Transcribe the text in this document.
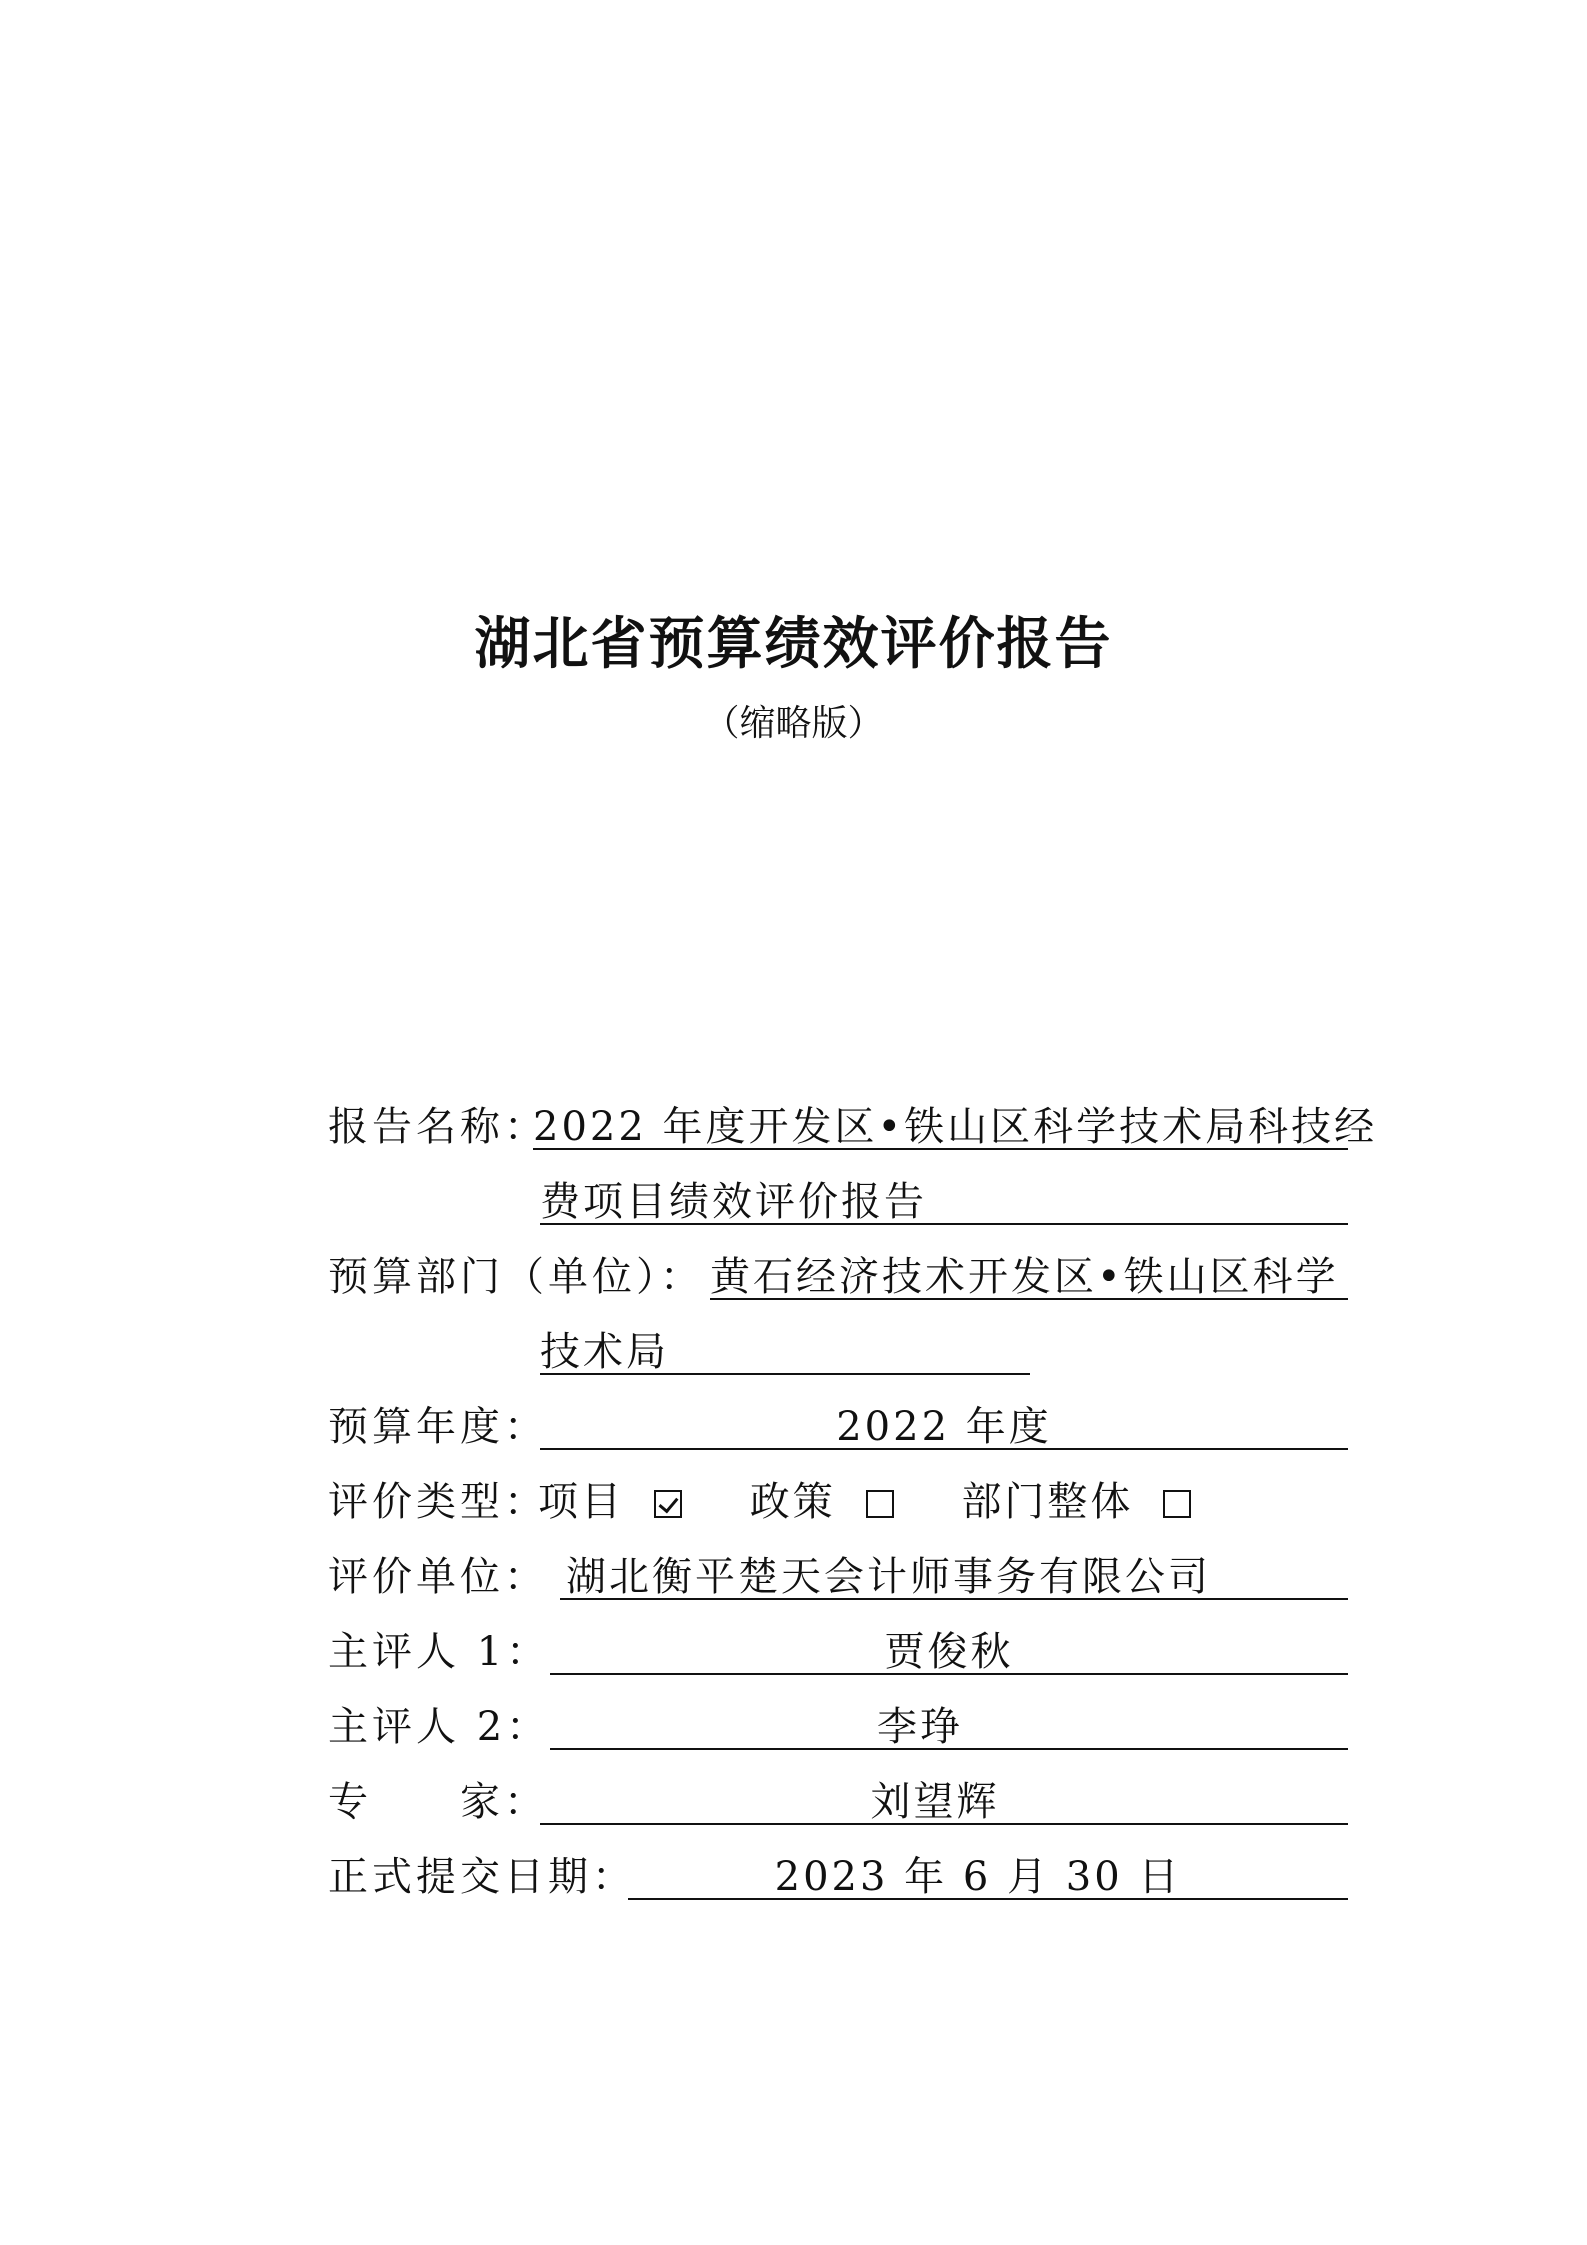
湖北省预算绩效评价报告
（缩略版）
报告名称：
2022 年度开发区•铁山区科学技术局科技经
费项目绩效评价报告
预算部门（单位）： 黄石经济技术开发区•铁山区科学
技术局
预算年度：	2022 年度
评价类型：
项目	政策	部门整体
评价单位： 湖北衡平楚天会计师事务有限公司
主评人 1：	贾俊秋
主评人 2：	李琤
专　　家：	刘望辉
正式提交日期：	2023 年 6 月 30 日
